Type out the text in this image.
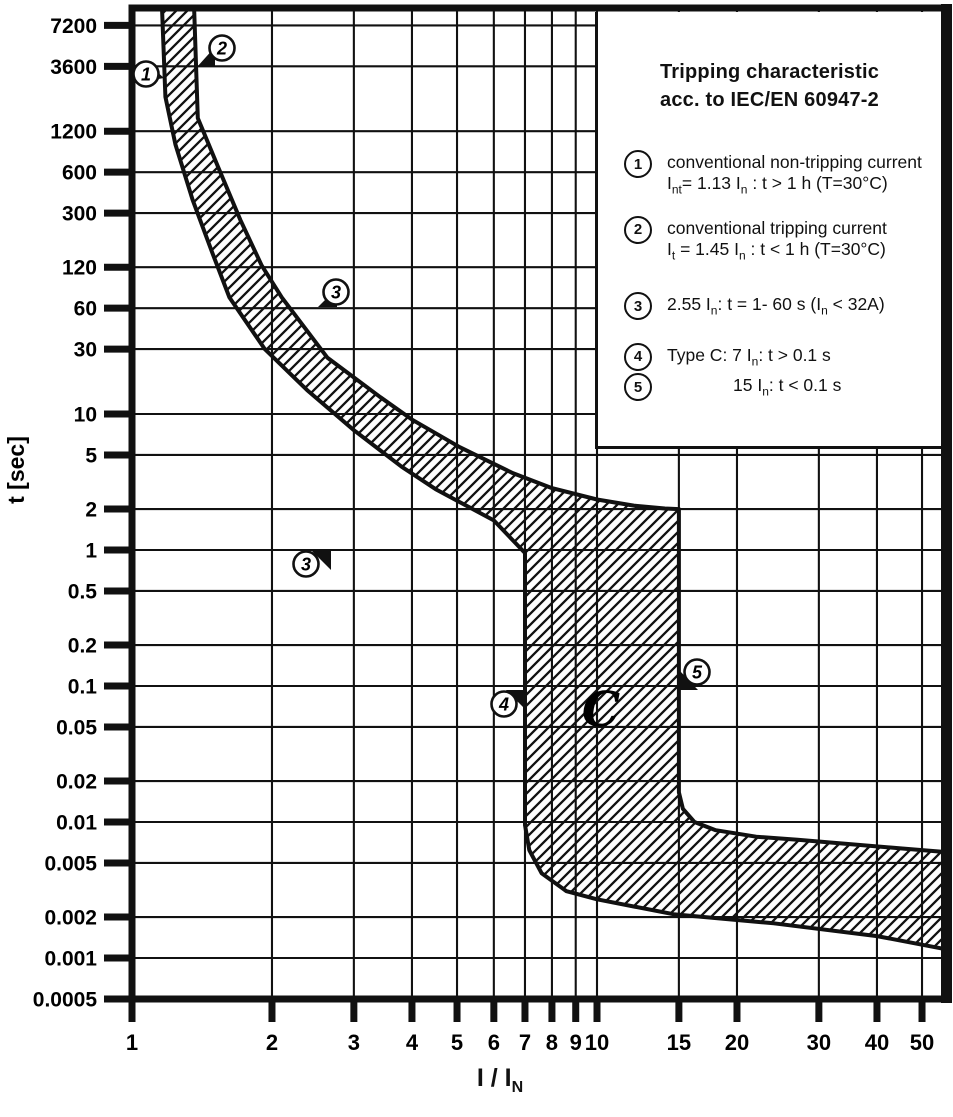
7200
3600
1200
600
300
120
60
30
10
5
2
1
0.5
0.2
0.1
0.05
0.02
0.01
0.005
0.002
0.001
0.0005
1	2	3 4 5 6 7 8 9 10	15 20	30 40 50
t [sec]
1
2
3
3
4
5
C
Tripping characteristic
acc. to IEC/EN 60947-2
1	conventional non-tripping current
$I_{nt}= 1.13$ $I_n$ : t > 1 h (T=30°C)
2	conventional tripping current
$I_t = 1.45$ $I_n$ : t < 1 h (T=30°C)
3	2.55 $I_n$: t = 1- 60 s $(I_n < 32A)$
4	Type C: 7 $I_n$: t > 0.1 s
5	15 $I_n$: t < 0.1 s
I / $I_N$
